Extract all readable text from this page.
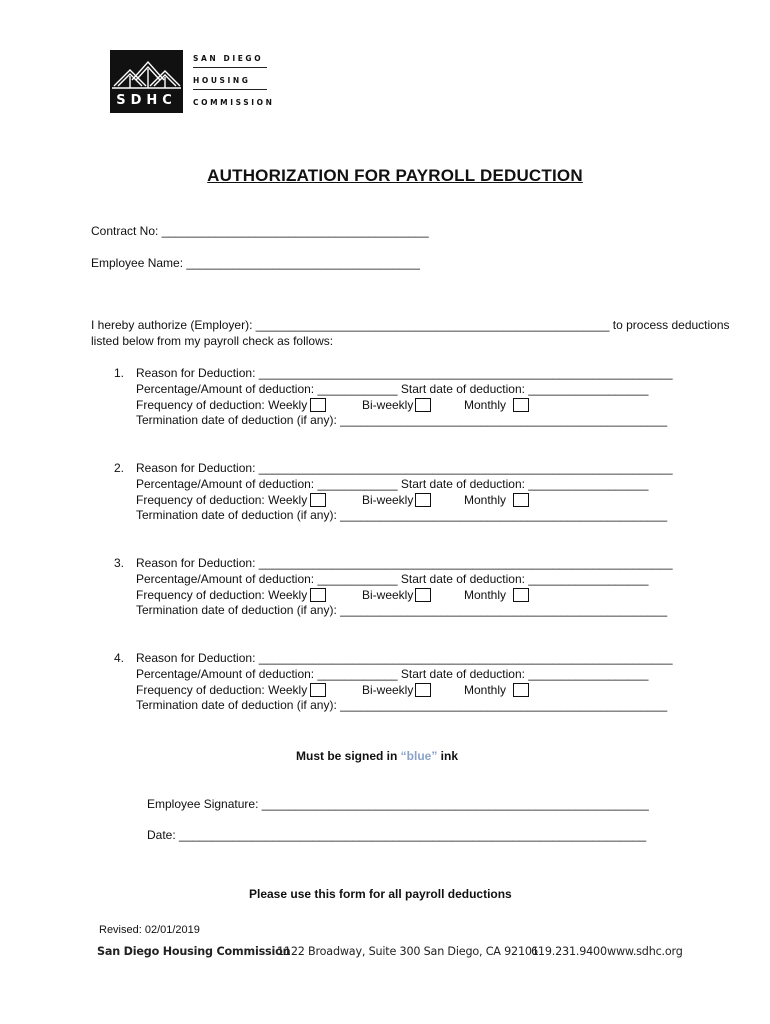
SDHC
SAN DIEGO
HOUSING
COMMISSION
AUTHORIZATION FOR PAYROLL DEDUCTION
Contract No: ________________________________________
Employee Name: ___________________________________
I hereby authorize (Employer): _____________________________________________________ to process deductions
listed below from my payroll check as follows:
1. Reason for Deduction: ______________________________________________________________
Percentage/Amount of deduction: ____________ Start date of deduction: __________________
Frequency of deduction: Weekly	Bi-weekly	Monthly
Termination date of deduction (if any): _________________________________________________
2. Reason for Deduction: ______________________________________________________________
Percentage/Amount of deduction: ____________ Start date of deduction: __________________
Frequency of deduction: Weekly	Bi-weekly	Monthly
Termination date of deduction (if any): _________________________________________________
3. Reason for Deduction: ______________________________________________________________
Percentage/Amount of deduction: ____________ Start date of deduction: __________________
Frequency of deduction: Weekly	Bi-weekly	Monthly
Termination date of deduction (if any): _________________________________________________
4. Reason for Deduction: ______________________________________________________________
Percentage/Amount of deduction: ____________ Start date of deduction: __________________
Frequency of deduction: Weekly	Bi-weekly	Monthly
Termination date of deduction (if any): _________________________________________________
Must be signed in “blue” ink
Employee Signature: __________________________________________________________
Date: ______________________________________________________________________
Please use this form for all payroll deductions
Revised: 02/01/2019
San Diego Housing Commission
1122 Broadway, Suite 300 San Diego, CA 92101
619.231.9400 www.sdhc.org
